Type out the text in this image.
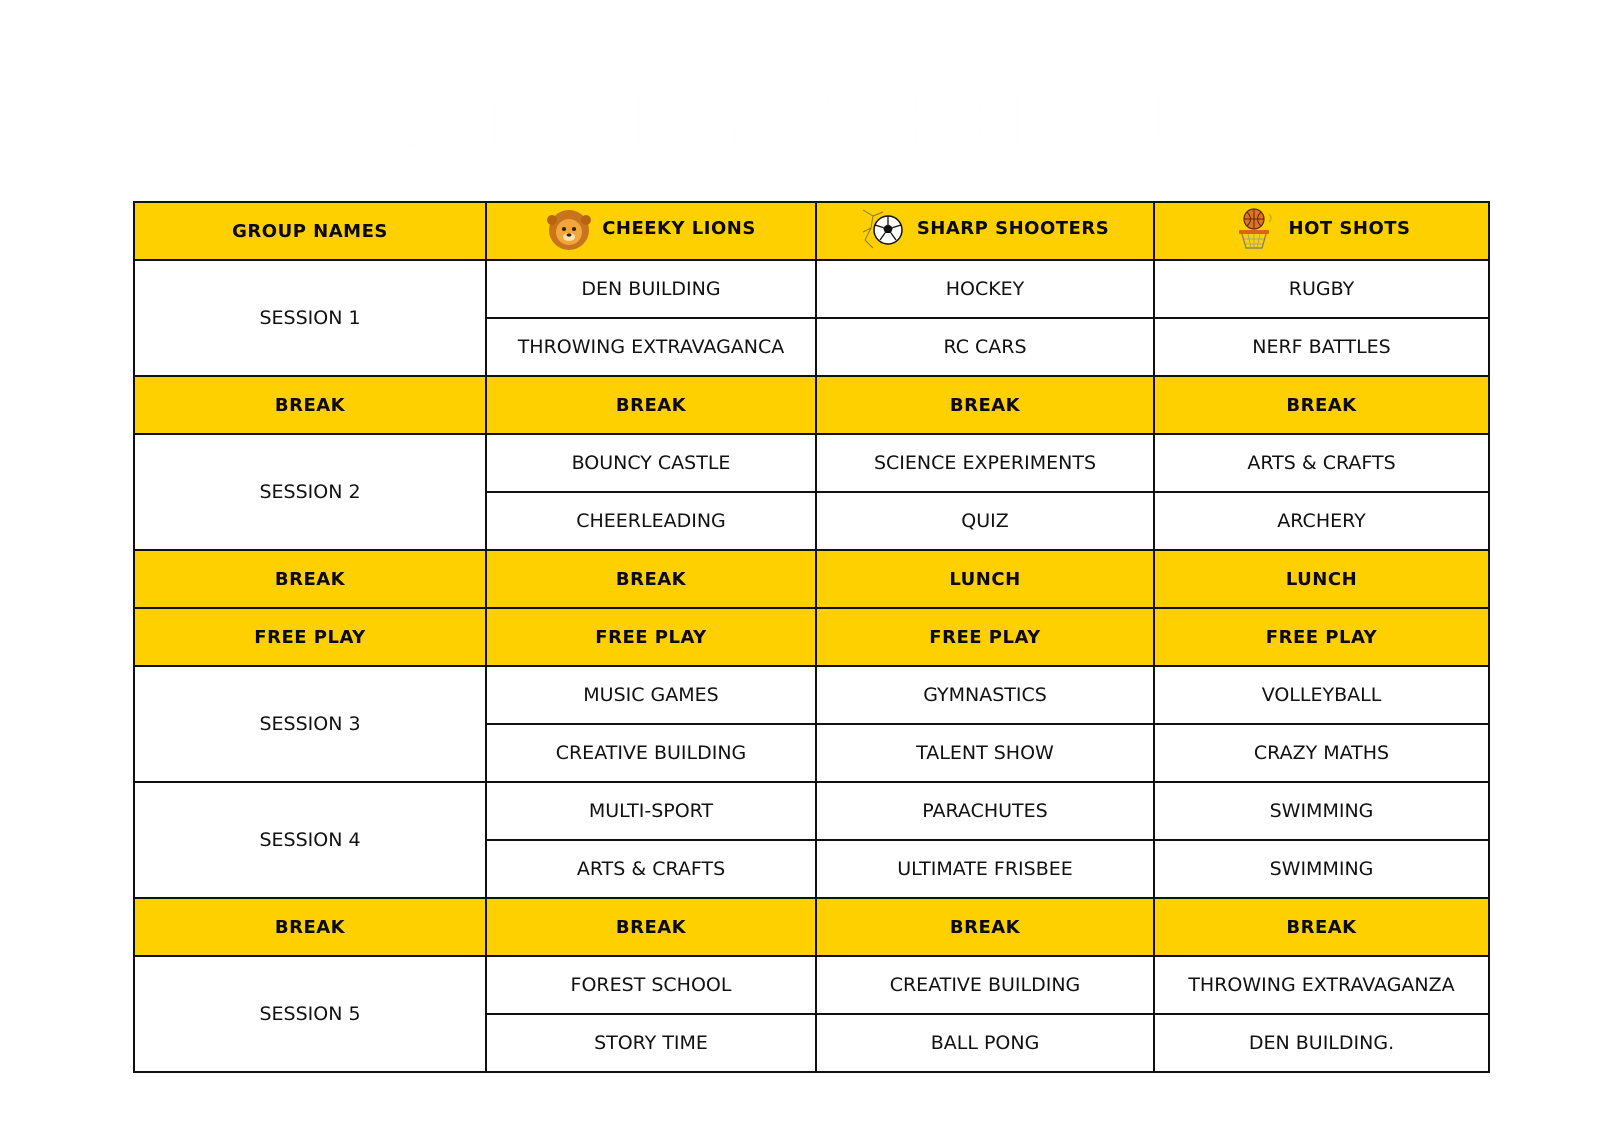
ACTIVITY SCHEDULE
GROUP NAMES	CHEEKY LIONS	SHARP SHOOTERS	HOT SHOTS

SESSION 1	DEN BUILDING	HOCKEY	RUGBY
	THROWING EXTRAVAGANCA	RC CARS	NERF BATTLES
BREAK	BREAK	BREAK	BREAK
SESSION 2	BOUNCY CASTLE	SCIENCE EXPERIMENTS	ARTS & CRAFTS
	CHEERLEADING	QUIZ	ARCHERY
BREAK	BREAK	LUNCH	LUNCH
FREE PLAY	FREE PLAY	FREE PLAY	FREE PLAY
SESSION 3	MUSIC GAMES	GYMNASTICS	VOLLEYBALL
	CREATIVE BUILDING	TALENT SHOW	CRAZY MATHS
SESSION 4	MULTI-SPORT	PARACHUTES	SWIMMING
	ARTS & CRAFTS	ULTIMATE FRISBEE	SWIMMING
BREAK	BREAK	BREAK	BREAK
SESSION 5	FOREST SCHOOL	CREATIVE BUILDING	THROWING EXTRAVAGANZA
	STORY TIME	BALL PONG	DEN BUILDING.
